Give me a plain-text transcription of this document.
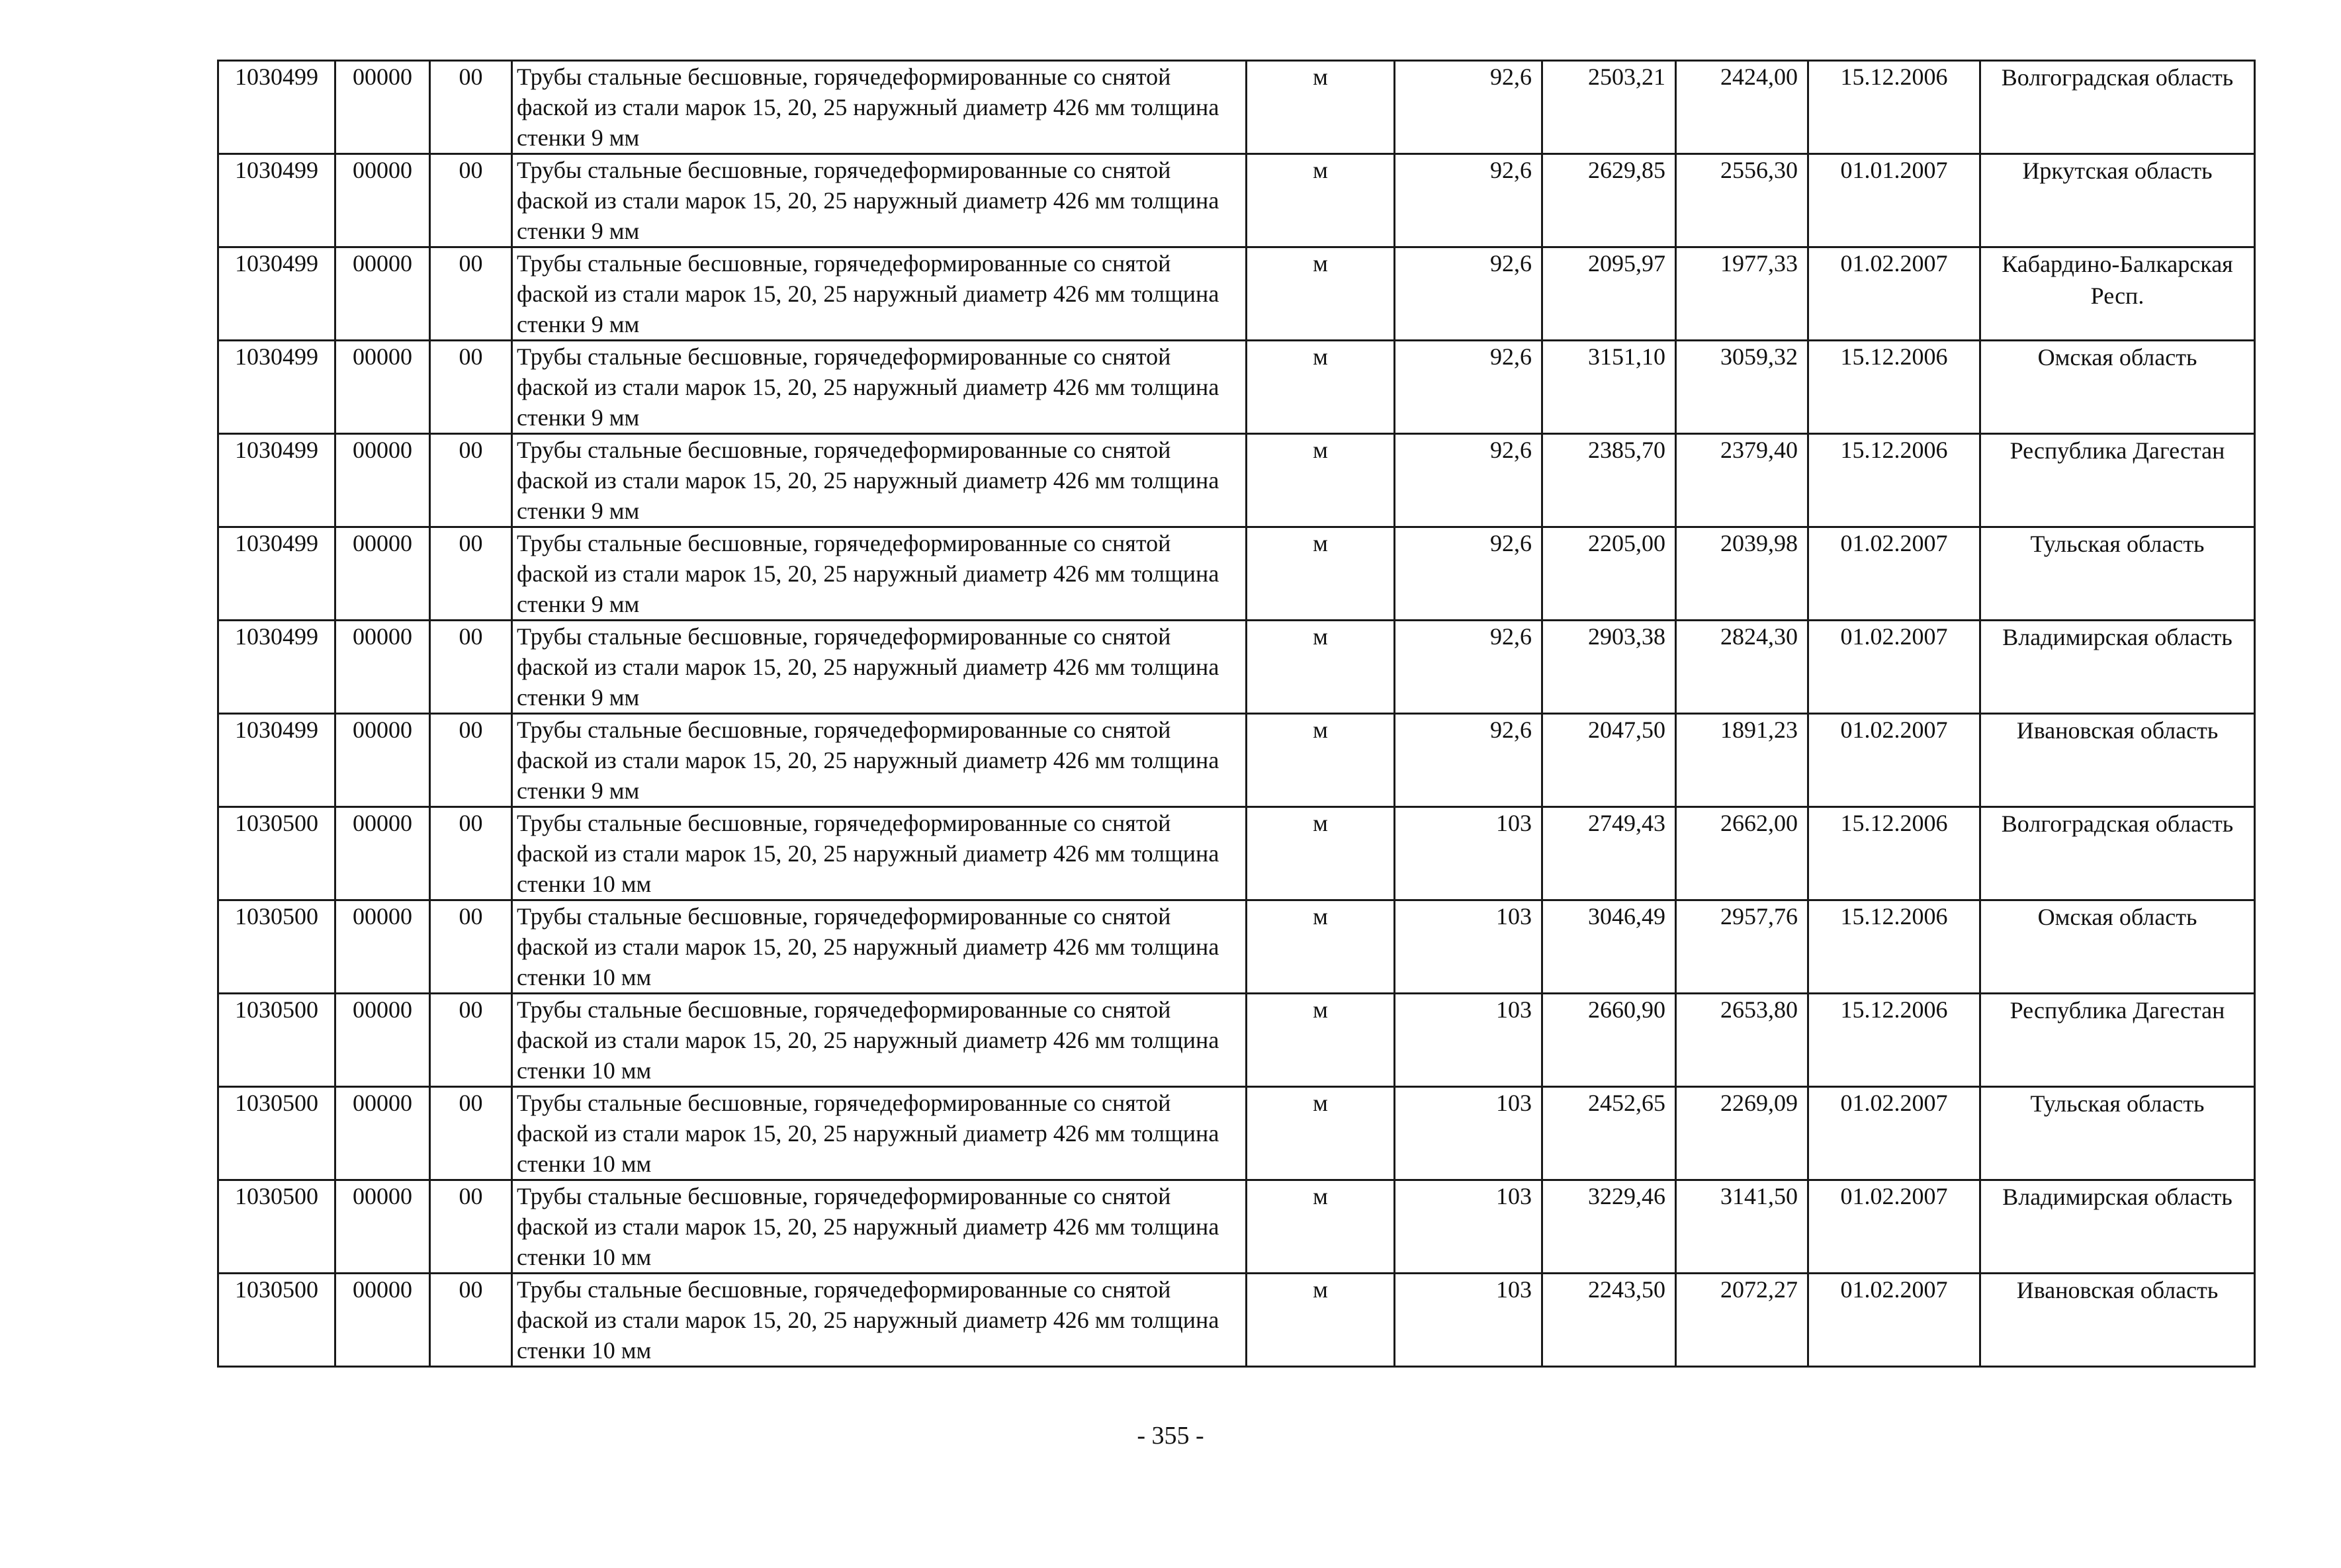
1030499	00000	00	Трубы стальные бесшовные, горячедеформированные со снятой фаской из стали марок 15, 20, 25 наружный диаметр 426 мм толщина стенки 9 мм	м	92,6	2503,21	2424,00	15.12.2006	Волгоградская область
1030499	00000	00	Трубы стальные бесшовные, горячедеформированные со снятой фаской из стали марок 15, 20, 25 наружный диаметр 426 мм толщина стенки 9 мм	м	92,6	2629,85	2556,30	01.01.2007	Иркутская область
1030499	00000	00	Трубы стальные бесшовные, горячедеформированные со снятой фаской из стали марок 15, 20, 25 наружный диаметр 426 мм толщина стенки 9 мм	м	92,6	2095,97	1977,33	01.02.2007	Кабардино-Балкарская Респ.
1030499	00000	00	Трубы стальные бесшовные, горячедеформированные со снятой фаской из стали марок 15, 20, 25 наружный диаметр 426 мм толщина стенки 9 мм	м	92,6	3151,10	3059,32	15.12.2006	Омская область
1030499	00000	00	Трубы стальные бесшовные, горячедеформированные со снятой фаской из стали марок 15, 20, 25 наружный диаметр 426 мм толщина стенки 9 мм	м	92,6	2385,70	2379,40	15.12.2006	Республика Дагестан
1030499	00000	00	Трубы стальные бесшовные, горячедеформированные со снятой фаской из стали марок 15, 20, 25 наружный диаметр 426 мм толщина стенки 9 мм	м	92,6	2205,00	2039,98	01.02.2007	Тульская область
1030499	00000	00	Трубы стальные бесшовные, горячедеформированные со снятой фаской из стали марок 15, 20, 25 наружный диаметр 426 мм толщина стенки 9 мм	м	92,6	2903,38	2824,30	01.02.2007	Владимирская область
1030499	00000	00	Трубы стальные бесшовные, горячедеформированные со снятой фаской из стали марок 15, 20, 25 наружный диаметр 426 мм толщина стенки 9 мм	м	92,6	2047,50	1891,23	01.02.2007	Ивановская область
1030500	00000	00	Трубы стальные бесшовные, горячедеформированные со снятой фаской из стали марок 15, 20, 25 наружный диаметр 426 мм толщина стенки 10 мм	м	103	2749,43	2662,00	15.12.2006	Волгоградская область
1030500	00000	00	Трубы стальные бесшовные, горячедеформированные со снятой фаской из стали марок 15, 20, 25 наружный диаметр 426 мм толщина стенки 10 мм	м	103	3046,49	2957,76	15.12.2006	Омская область
1030500	00000	00	Трубы стальные бесшовные, горячедеформированные со снятой фаской из стали марок 15, 20, 25 наружный диаметр 426 мм толщина стенки 10 мм	м	103	2660,90	2653,80	15.12.2006	Республика Дагестан
1030500	00000	00	Трубы стальные бесшовные, горячедеформированные со снятой фаской из стали марок 15, 20, 25 наружный диаметр 426 мм толщина стенки 10 мм	м	103	2452,65	2269,09	01.02.2007	Тульская область
1030500	00000	00	Трубы стальные бесшовные, горячедеформированные со снятой фаской из стали марок 15, 20, 25 наружный диаметр 426 мм толщина стенки 10 мм	м	103	3229,46	3141,50	01.02.2007	Владимирская область
1030500	00000	00	Трубы стальные бесшовные, горячедеформированные со снятой фаской из стали марок 15, 20, 25 наружный диаметр 426 мм толщина стенки 10 мм	м	103	2243,50	2072,27	01.02.2007	Ивановская область
- 355 -
